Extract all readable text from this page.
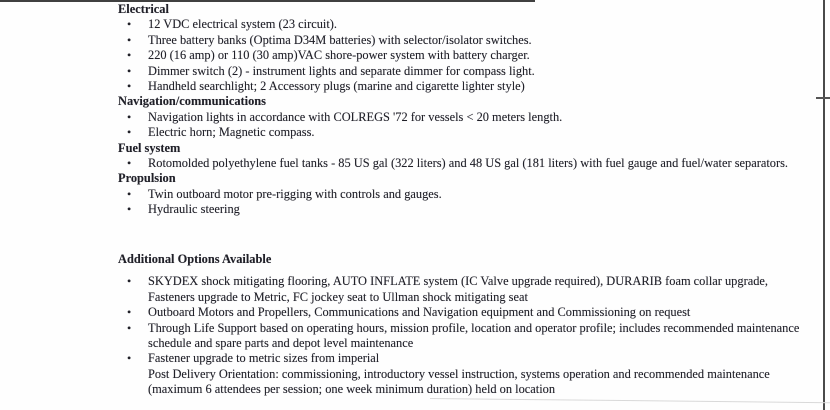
Electrical
•	12 VDC electrical system (23 circuit).
•	Three battery banks (Optima D34M batteries) with selector/isolator switches.
•	220 (16 amp) or 110 (30 amp)VAC shore-power system with battery charger.
•	Dimmer switch (2) - instrument lights and separate dimmer for compass light.
•	Handheld searchlight; 2 Accessory plugs (marine and cigarette lighter style)
Navigation/communications
•	Navigation lights in accordance with COLREGS '72 for vessels < 20 meters length.
•	Electric horn; Magnetic compass.
Fuel system
•	Rotomolded polyethylene fuel tanks - 85 US gal (322 liters) and 48 US gal (181 liters) with fuel gauge and fuel/water separators.
Propulsion
•	Twin outboard motor pre-rigging with controls and gauges.
•	Hydraulic steering
Additional Options Available
•	SKYDEX shock mitigating flooring, AUTO INFLATE system (IC Valve upgrade required), DURARIB foam collar upgrade,
Fasteners upgrade to Metric, FC jockey seat to Ullman shock mitigating seat
•	Outboard Motors and Propellers, Communications and Navigation equipment and Commissioning on request
•	Through Life Support based on operating hours, mission profile, location and operator profile; includes recommended maintenance
schedule and spare parts and depot level maintenance
•	Fastener upgrade to metric sizes from imperial
Post Delivery Orientation: commissioning, introductory vessel instruction, systems operation and recommended maintenance
(maximum 6 attendees per session; one week minimum duration) held on location
